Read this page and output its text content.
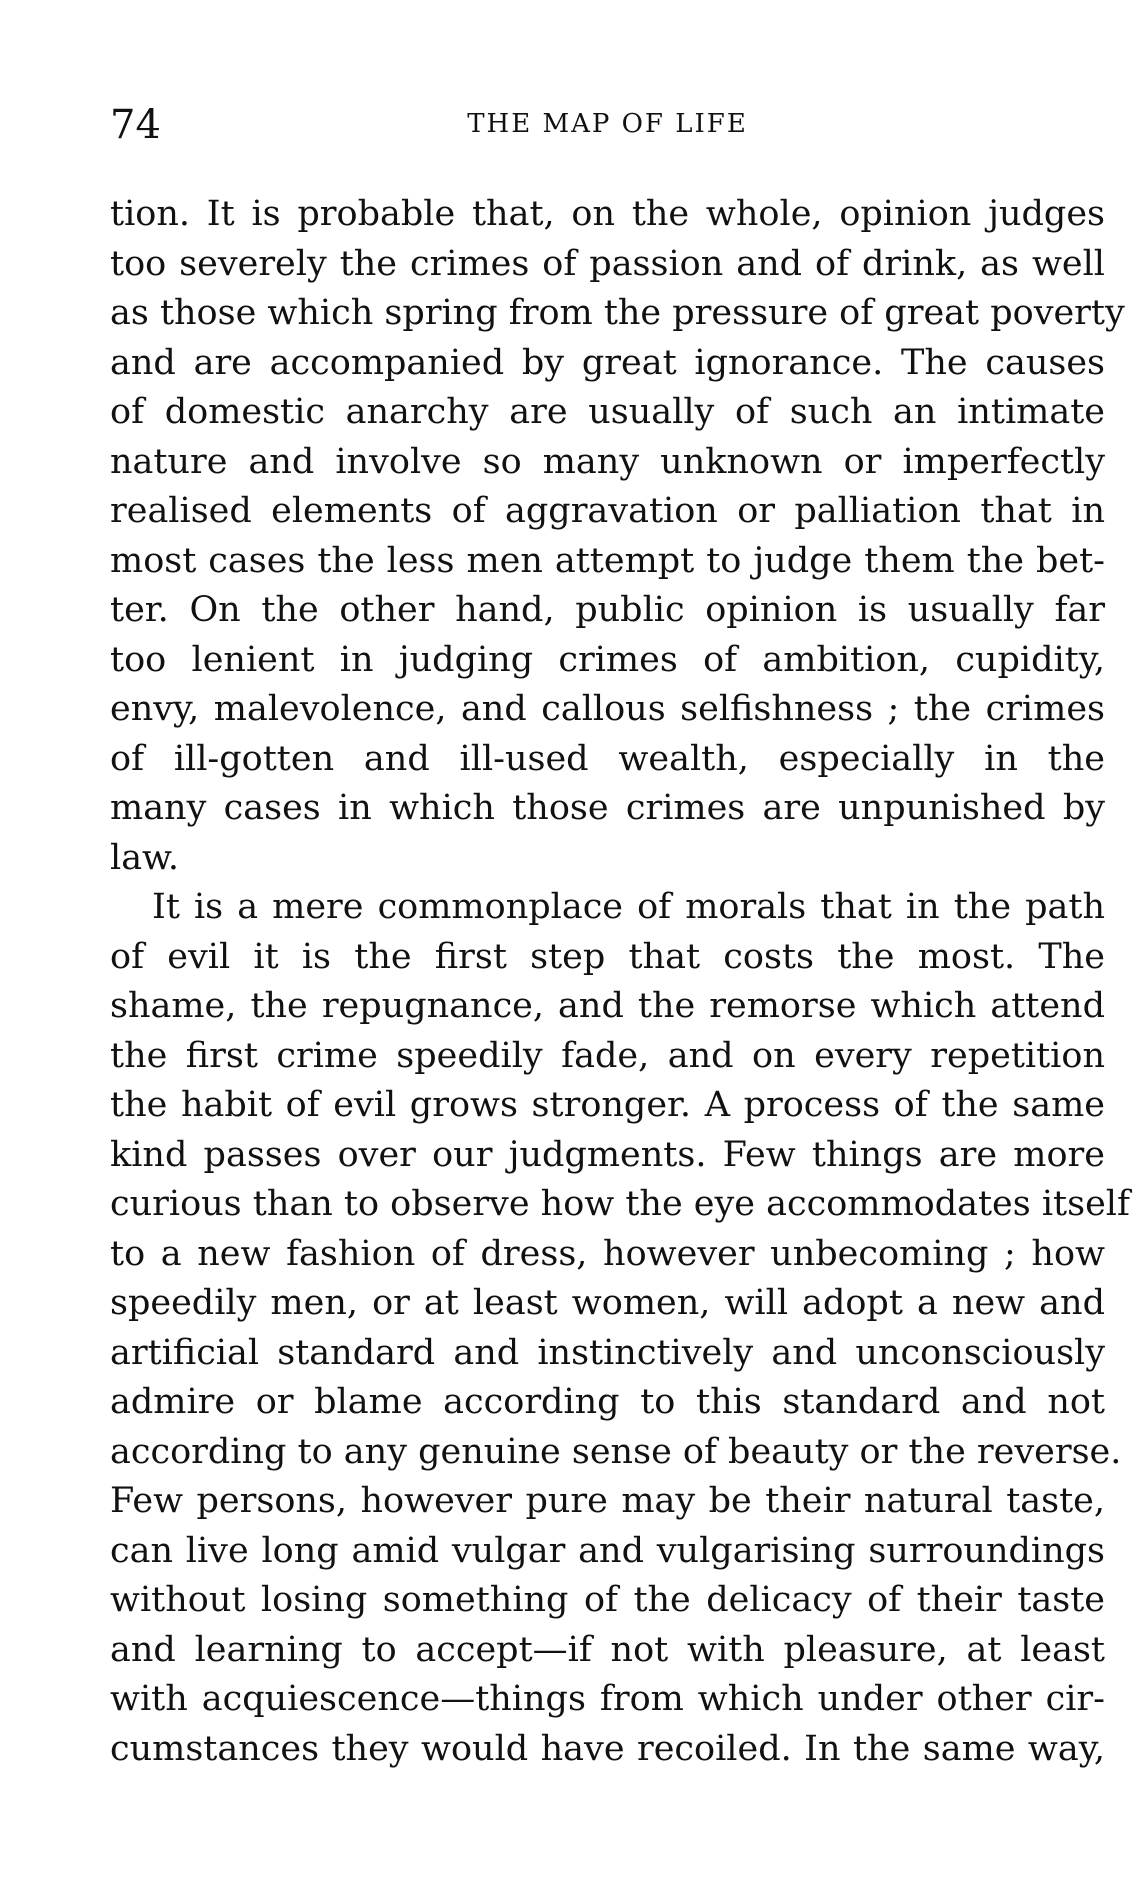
74	THE MAP OF LIFE
tion. It is probable that, on the whole, opinion judges
too severely the crimes of passion and of drink, as well
as those which spring from the pressure of great poverty
and are accompanied by great ignorance. The causes
of domestic anarchy are usually of such an intimate
nature and involve so many unknown or imperfectly
realised elements of aggravation or palliation that in
most cases the less men attempt to judge them the bet-
ter. On the other hand, public opinion is usually far
too lenient in judging crimes of ambition, cupidity,
envy, malevolence, and callous selfishness ; the crimes
of ill-gotten and ill-used wealth, especially in the
many cases in which those crimes are unpunished by
law.
It is a mere commonplace of morals that in the path
of evil it is the first step that costs the most. The
shame, the repugnance, and the remorse which attend
the first crime speedily fade, and on every repetition
the habit of evil grows stronger. A process of the same
kind passes over our judgments. Few things are more
curious than to observe how the eye accommodates itself
to a new fashion of dress, however unbecoming ; how
speedily men, or at least women, will adopt a new and
artificial standard and instinctively and unconsciously
admire or blame according to this standard and not
according to any genuine sense of beauty or the reverse.
Few persons, however pure may be their natural taste,
can live long amid vulgar and vulgarising surroundings
without losing something of the delicacy of their taste
and learning to accept—if not with pleasure, at least
with acquiescence—things from which under other cir-
cumstances they would have recoiled. In the same way,
